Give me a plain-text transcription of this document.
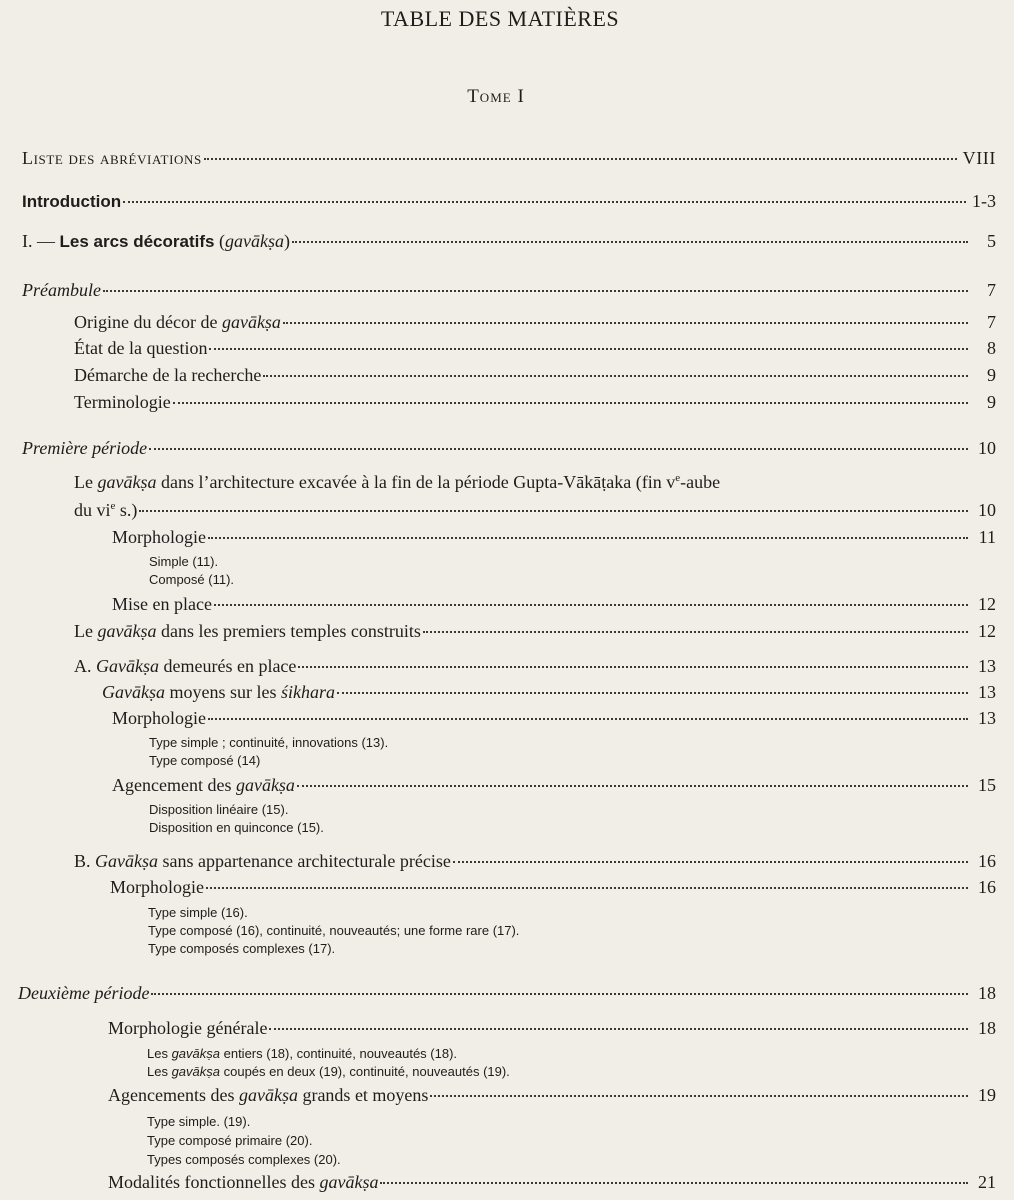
TABLE DES MATIÈRES
Tome I
Liste des abréviations	VIII
Introduction	1-3
I. — Les arcs décoratifs (gavākṣa)	5
Préambule	7
Origine du décor de gavākṣa	7
État de la question	8
Démarche de la recherche	9
Terminologie	9
Première période	10
Le gavākṣa dans l’architecture excavée à la fin de la période Gupta-Vākāṭaka (fin $v^e$-aube
du $vi^e$ s.)	10
Morphologie	11
Simple (11).
Composé (11).
Mise en place	12
Le gavākṣa dans les premiers temples construits	12
A. Gavākṣa demeurés en place	13
Gavākṣa moyens sur les śikhara	13
Morphologie	13
Type simple ; continuité, innovations (13).
Type composé (14)
Agencement des gavākṣa	15
Disposition linéaire (15).
Disposition en quinconce (15).
B. Gavākṣa sans appartenance architecturale précise	16
Morphologie	16
Type simple (16).
Type composé (16), continuité, nouveautés; une forme rare (17).
Type composés complexes (17).
Deuxième période	18
Morphologie générale	18
Les gavākṣa entiers (18), continuité, nouveautés (18).
Les gavākṣa coupés en deux (19), continuité, nouveautés (19).
Agencements des gavākṣa grands et moyens	19
Type simple. (19).
Type composé primaire (20).
Types composés complexes (20).
Modalités fonctionnelles des gavākṣa	21
